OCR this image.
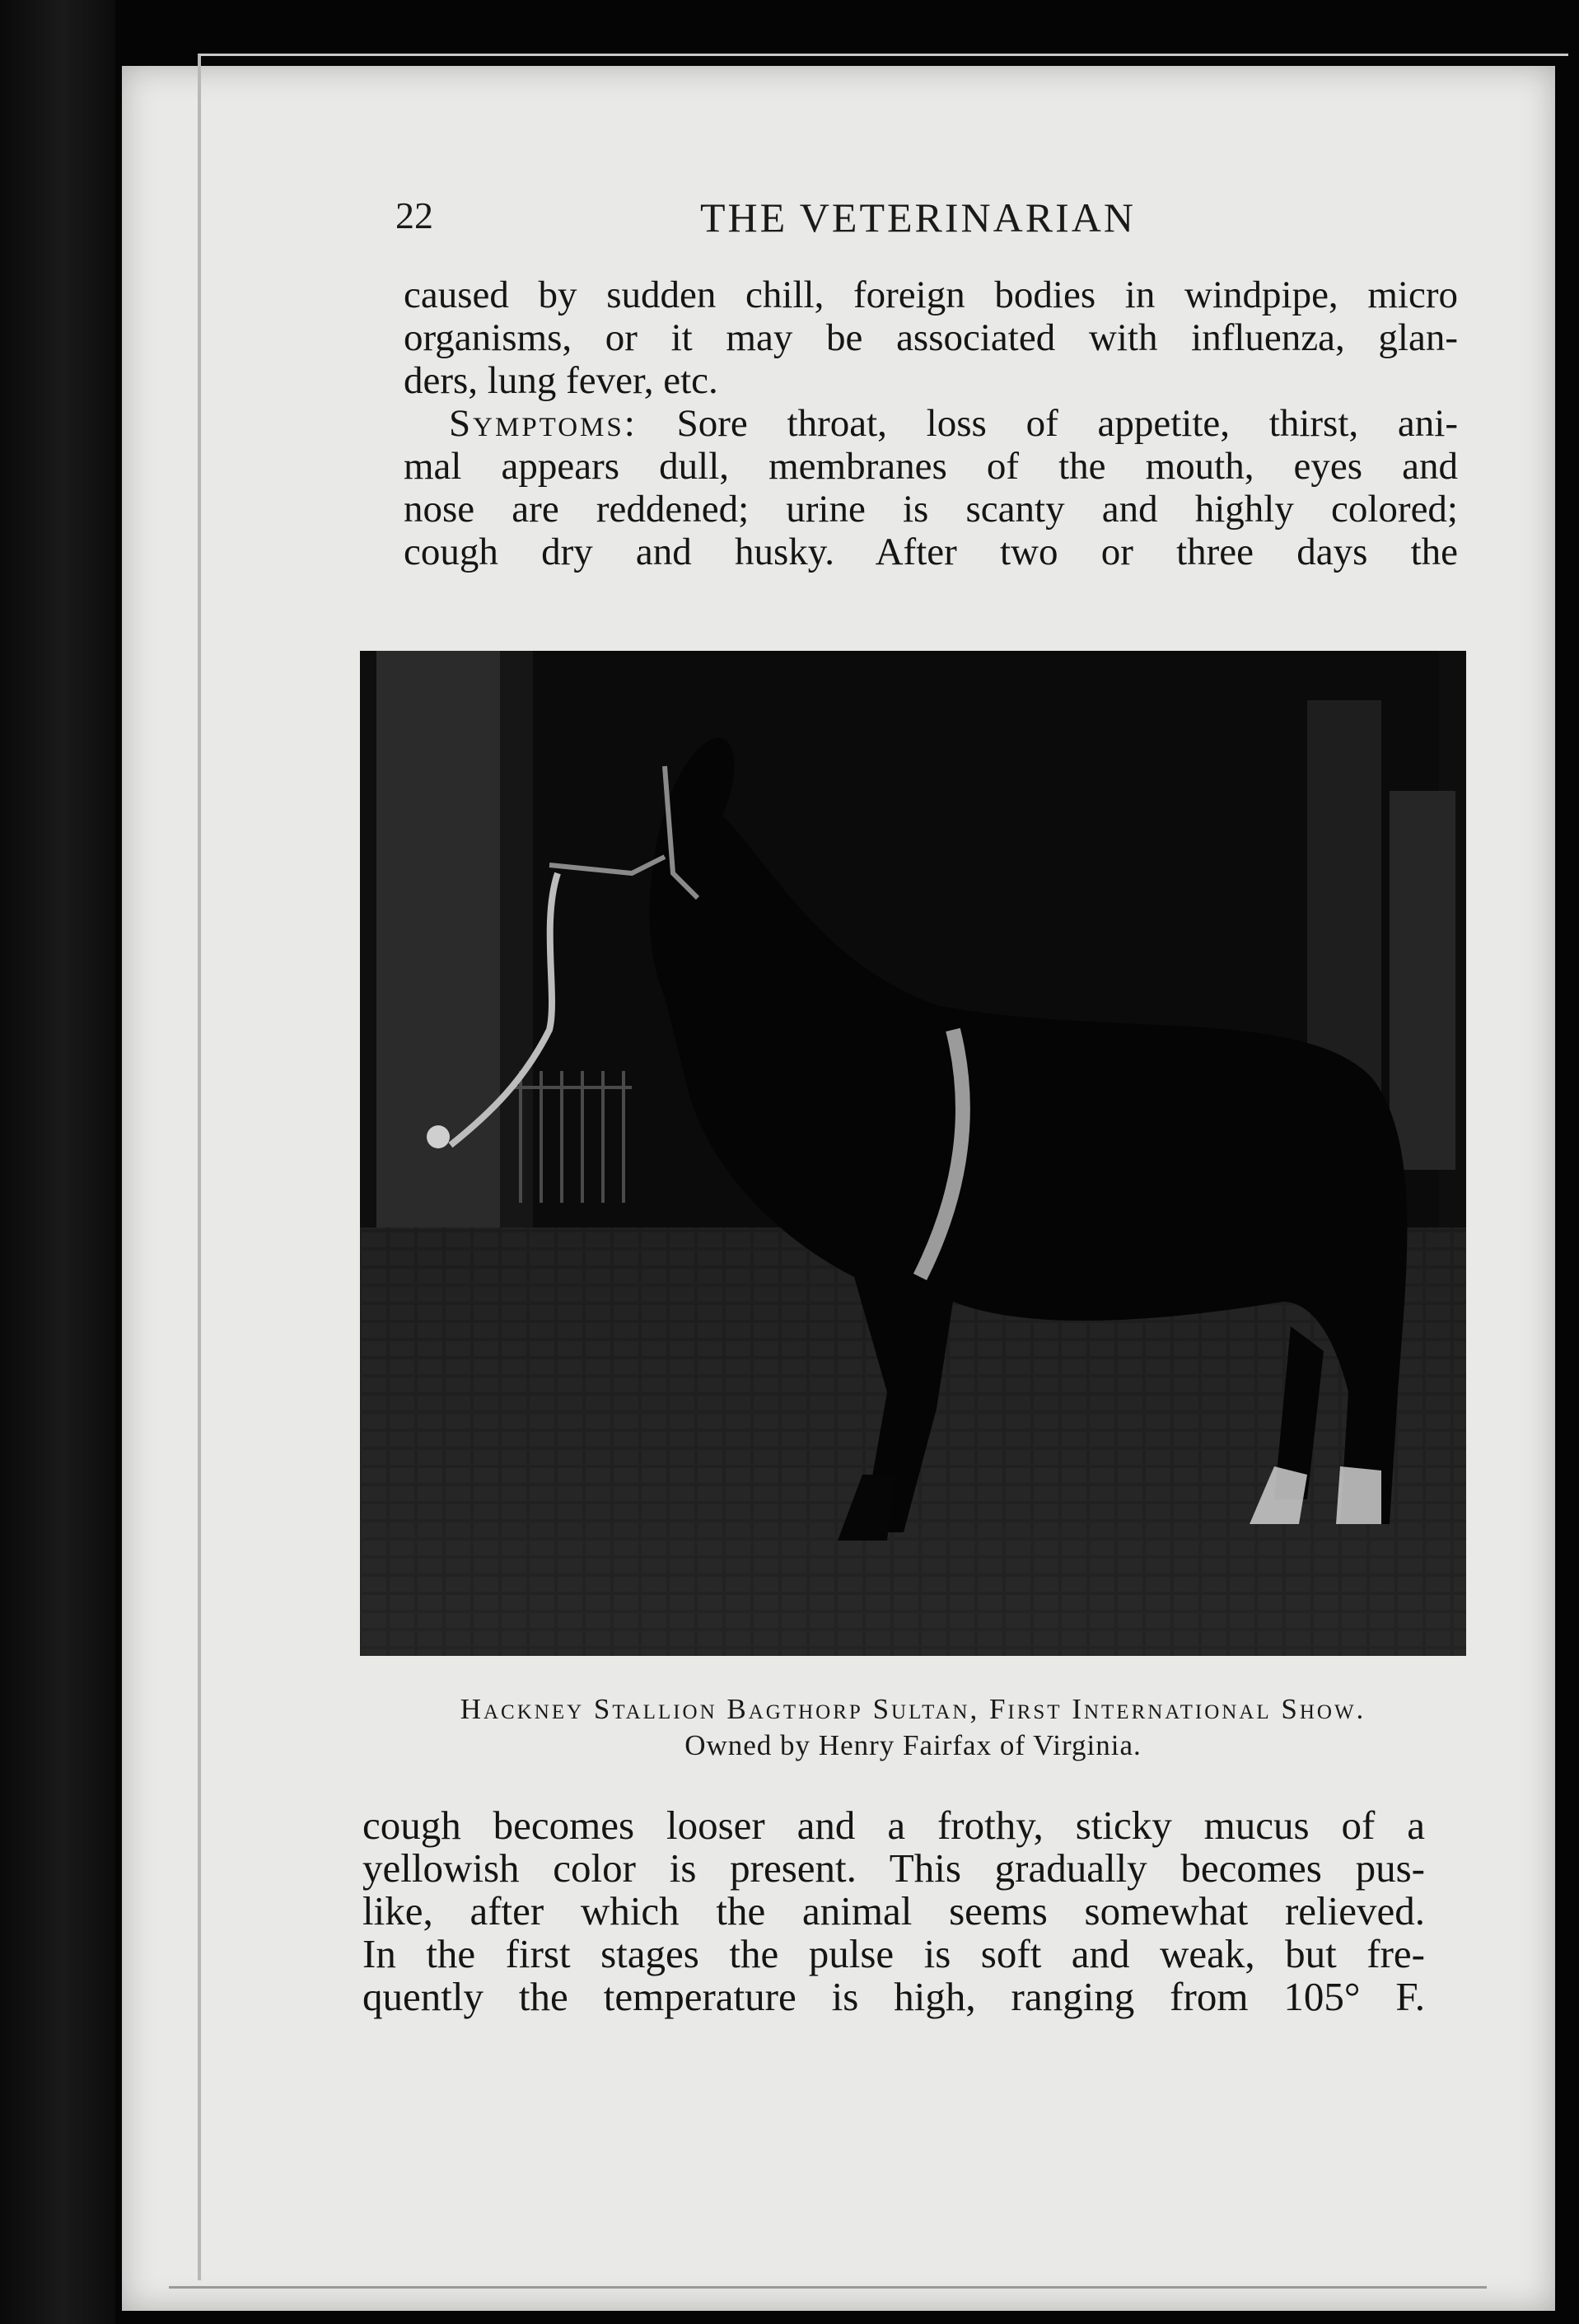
22	THE VETERINARIAN
caused by sudden chill, foreign bodies in windpipe, micro
organisms, or it may be associated with influenza, glan-
ders, lung fever, etc.
Symptoms: Sore throat, loss of appetite, thirst, ani-
mal appears dull, membranes of the mouth, eyes and
nose are reddened; urine is scanty and highly colored;
cough dry and husky. After two or three days the
Hackney Stallion Bagthorp Sultan, First International Show.
Owned by Henry Fairfax of Virginia.
cough becomes looser and a frothy, sticky mucus of a
yellowish color is present. This gradually becomes pus-
like, after which the animal seems somewhat relieved.
In the first stages the pulse is soft and weak, but fre-
quently the temperature is high, ranging from 105° F.
